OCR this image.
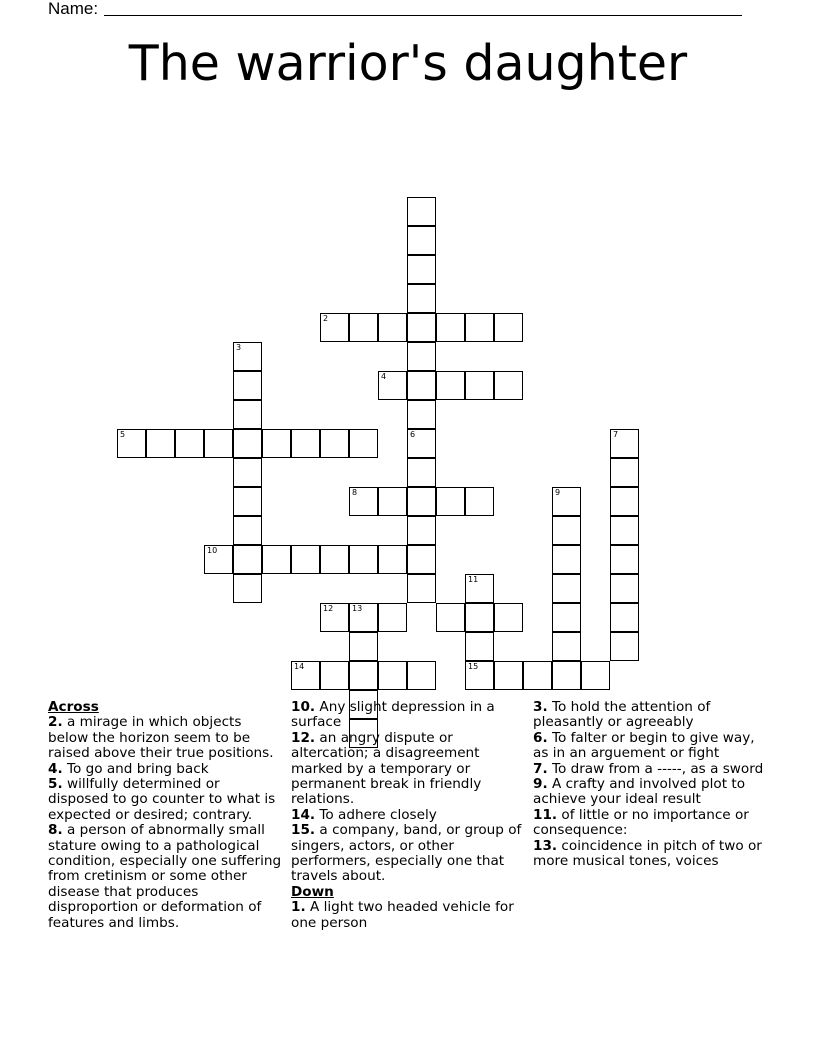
Name:
The warrior's daughter
2
4
3
5	6	7
8	9
10
11
15
12 13
14
Across
2. a mirage in which objects below the horizon seem to be raised above their true positions.
4. To go and bring back
5. willfully determined or disposed to go counter to what is expected or desired; contrary.
8. a person of abnormally small stature owing to a pathological condition, especially one suffering from cretinism or some other disease that produces disproportion or deformation of features and limbs.
10. Any slight depression in a surface
12. an angry dispute or altercation; a disagreement marked by a temporary or permanent break in friendly relations.
14. To adhere closely
15. a company, band, or group of singers, actors, or other performers, especially one that travels about.
Down
1. A light two headed vehicle for one person
3. To hold the attention of pleasantly or agreeably
6. To falter or begin to give way, as in an arguement or fight
7. To draw from a -----, as a sword
9. A crafty and involved plot to achieve your ideal result
11. of little or no importance or consequence:
13. coincidence in pitch of two or more musical tones, voices
